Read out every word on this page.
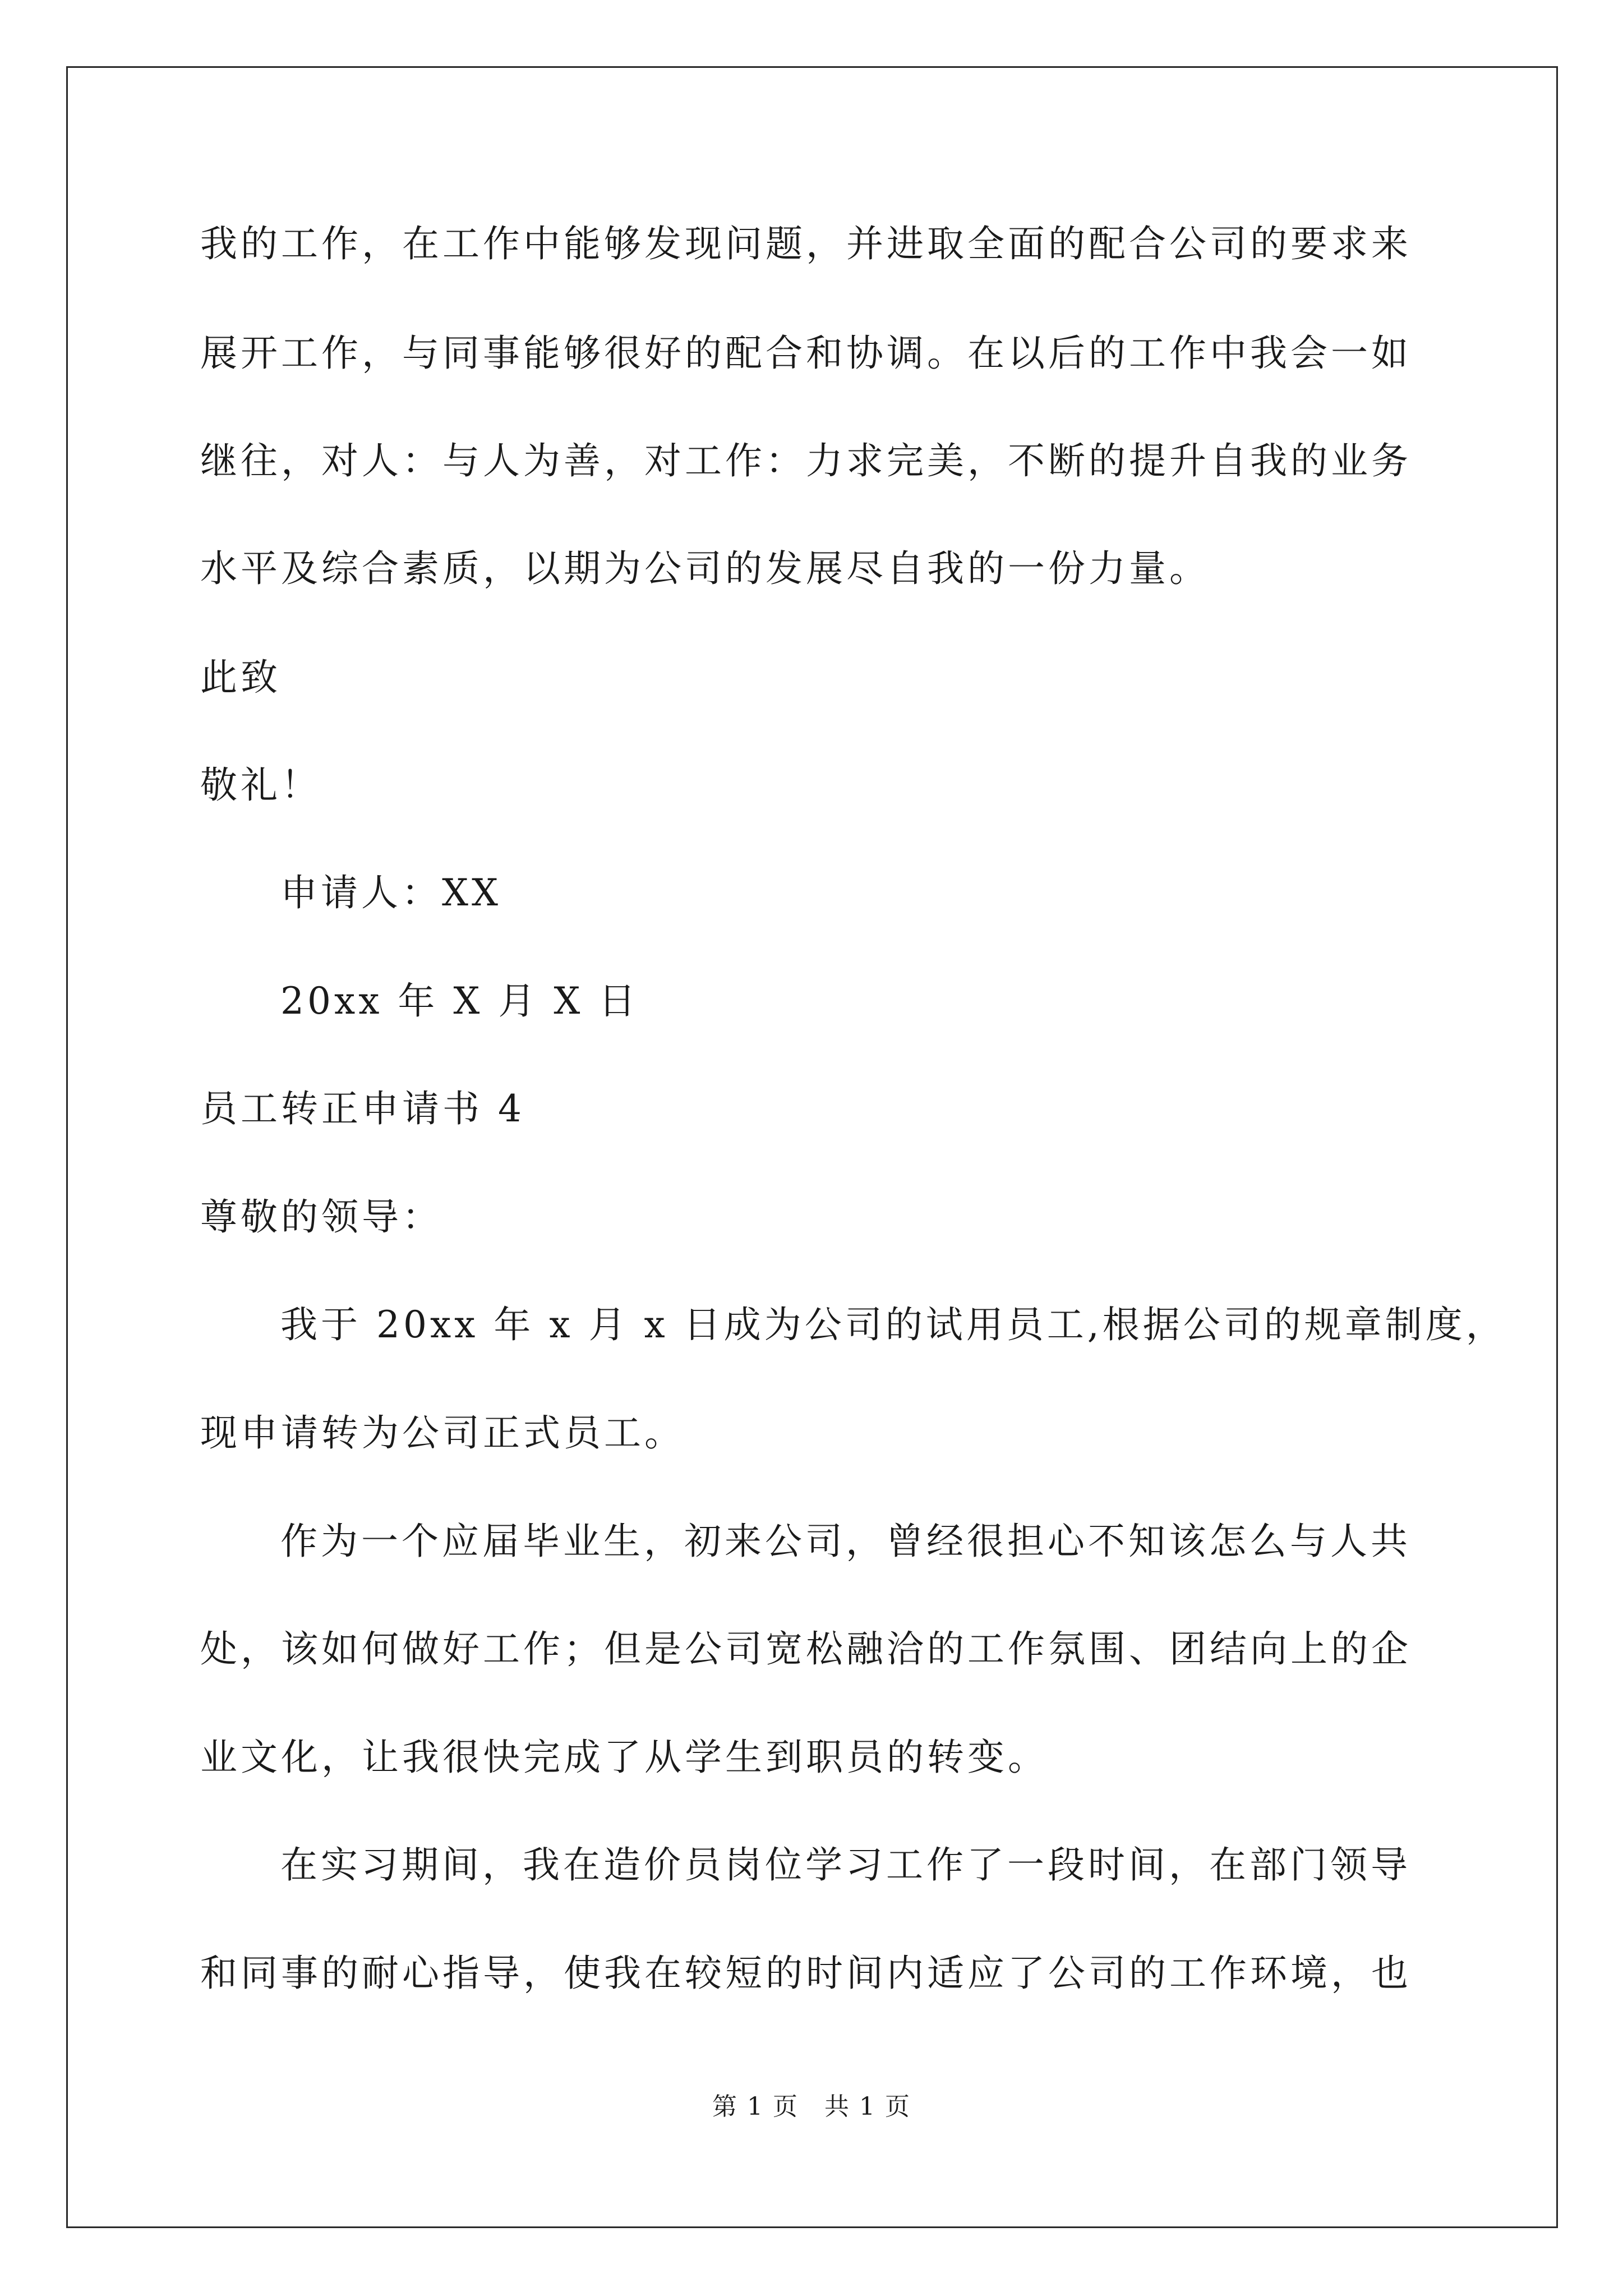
我的工作，在工作中能够发现问题，并进取全面的配合公司的要求来
展开工作，与同事能够很好的配合和协调。在以后的工作中我会一如
继往，对人：与人为善，对工作：力求完美，不断的提升自我的业务
水平及综合素质，以期为公司的发展尽自我的一份力量。
此致
敬礼！
申请人：XX
20xx 年 X 月 X 日
员工转正申请书 4
尊敬的领导：
我于 20xx 年 x 月 x 日成为公司的试用员工,根据公司的规章制度，
现申请转为公司正式员工。
作为一个应届毕业生，初来公司，曾经很担心不知该怎么与人共
处，该如何做好工作；但是公司宽松融洽的工作氛围、团结向上的企
业文化，让我很快完成了从学生到职员的转变。
在实习期间，我在造价员岗位学习工作了一段时间，在部门领导
和同事的耐心指导，使我在较短的时间内适应了公司的工作环境，也
第 1 页　共 1 页
